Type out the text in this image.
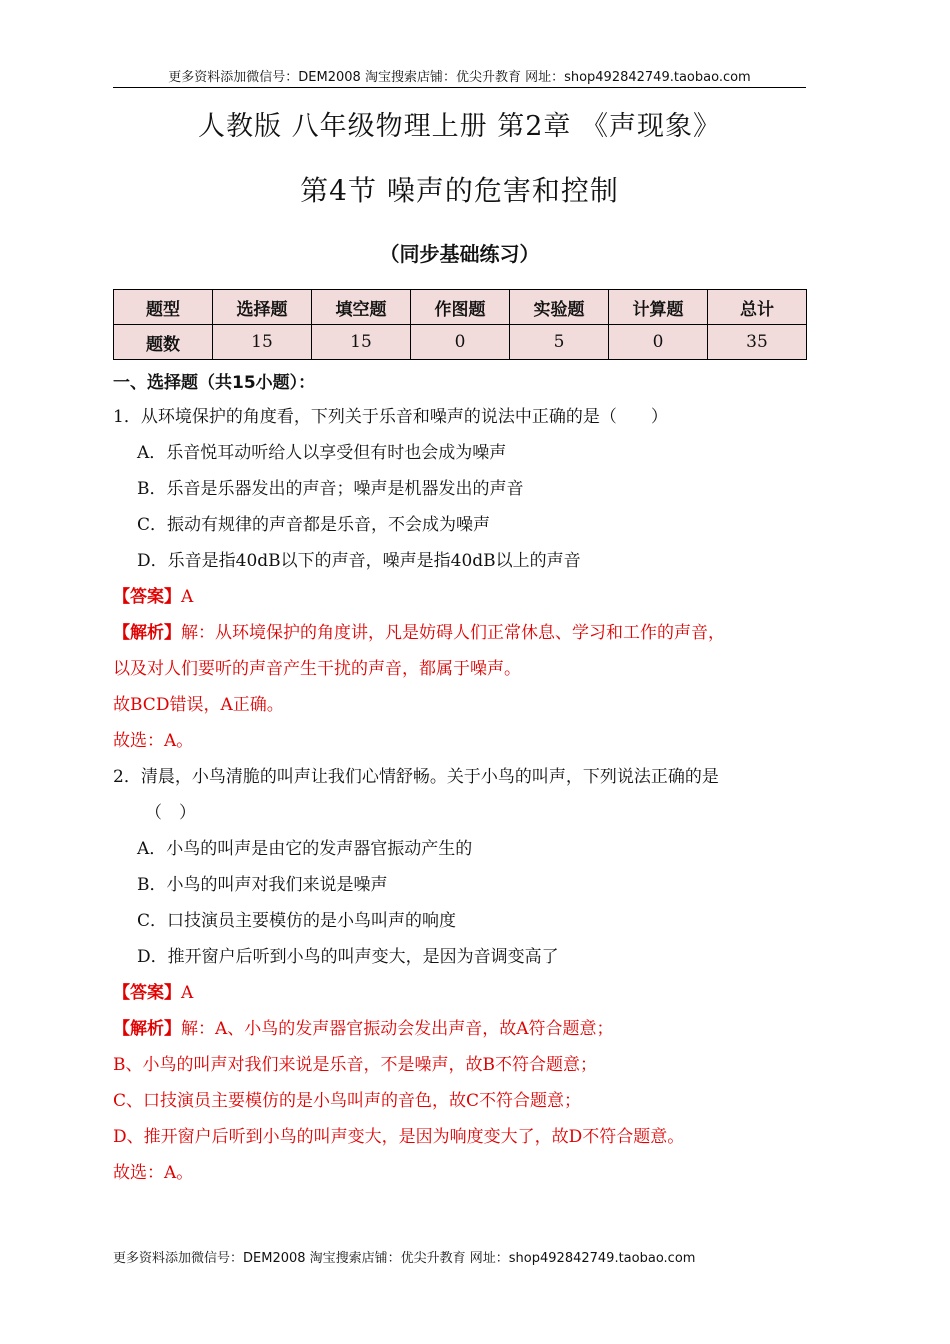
更多资料添加微信号：DEM2008 淘宝搜索店铺：优尖升教育 网址：shop492842749.taobao.com
人教版 八年级物理上册 第2章 《声现象》
第4节 噪声的危害和控制
（同步基础练习）
题型	选择题	填空题	作图题	实验题	计算题	总计
题数	15	15	0	5	0	35
一、选择题（共15小题）：
1．从环境保护的角度看，下列关于乐音和噪声的说法中正确的是（　　）
A．乐音悦耳动听给人以享受但有时也会成为噪声
B．乐音是乐器发出的声音；噪声是机器发出的声音
C．振动有规律的声音都是乐音，不会成为噪声
D．乐音是指40dB以下的声音，噪声是指40dB以上的声音
【答案】A
【解析】解：从环境保护的角度讲，凡是妨碍人们正常休息、学习和工作的声音，
以及对人们要听的声音产生干扰的声音，都属于噪声。
故BCD错误，A正确。
故选：A。
2．清晨，小鸟清脆的叫声让我们心情舒畅。关于小鸟的叫声，下列说法正确的是
（　）
A．小鸟的叫声是由它的发声器官振动产生的
B．小鸟的叫声对我们来说是噪声
C．口技演员主要模仿的是小鸟叫声的响度
D．推开窗户后听到小鸟的叫声变大，是因为音调变高了
【答案】A
【解析】解：A、小鸟的发声器官振动会发出声音，故A符合题意；
B、小鸟的叫声对我们来说是乐音，不是噪声，故B不符合题意；
C、口技演员主要模仿的是小鸟叫声的音色，故C不符合题意；
D、推开窗户后听到小鸟的叫声变大，是因为响度变大了，故D不符合题意。
故选：A。
更多资料添加微信号：DEM2008 淘宝搜索店铺：优尖升教育 网址：shop492842749.taobao.com
